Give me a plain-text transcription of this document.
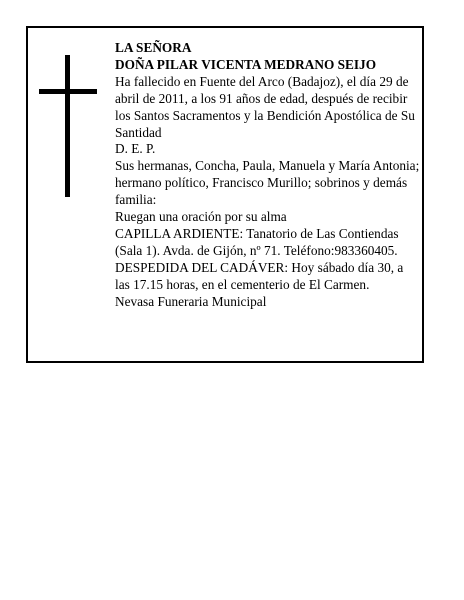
LA SEÑORA
DOÑA PILAR VICENTA MEDRANO SEIJO

Ha fallecido en Fuente del Arco (Badajoz), el día 29 de abril de 2011, a los 91 años de edad, después de recibir los Santos Sacramentos y la Bendición Apostólica de Su Santidad

D. E. P.

Sus hermanas, Concha, Paula, Manuela y María Antonia; hermano político, Francisco Murillo; sobrinos y demás familia:

Ruegan una oración por su alma

CAPILLA ARDIENTE: Tanatorio de Las Contiendas (Sala 1). Avda. de Gijón, nº 71. Teléfono:983360405.

DESPEDIDA DEL CADÁVER: Hoy sábado día 30, a las 17.15 horas, en el cementerio de El Carmen.

Nevasa Funeraria Municipal
